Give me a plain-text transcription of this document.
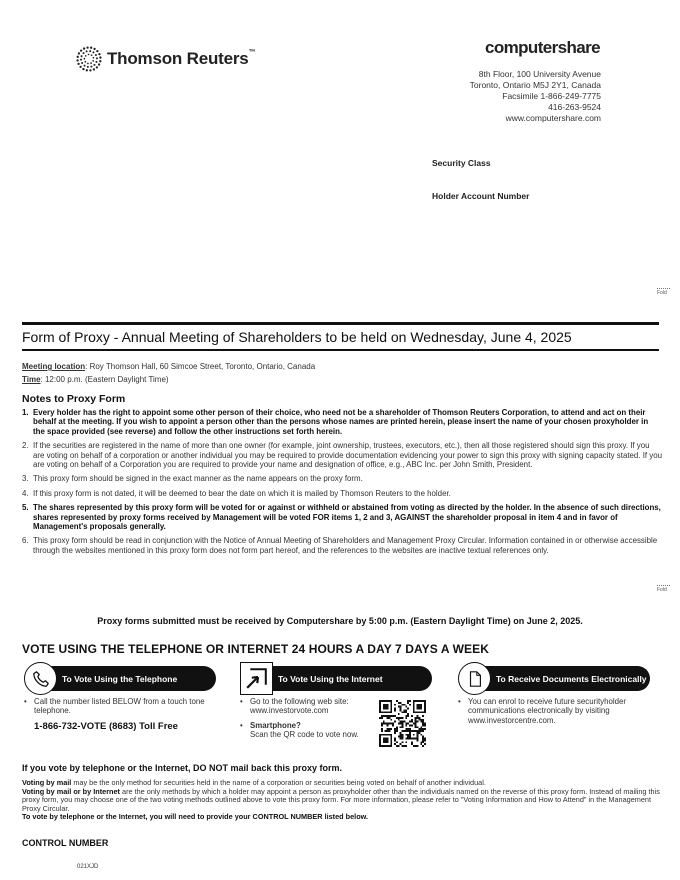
Thomson Reuters™	computershare
8th Floor, 100 University Avenue
Toronto, Ontario M5J 2Y1, Canada
Facsimile 1-866-249-7775
416-263-9524
www.computershare.com
Security Class
Holder Account Number
Fold
Form of Proxy - Annual Meeting of Shareholders to be held on Wednesday, June 4, 2025
Meeting location: Roy Thomson Hall, 60 Simcoe Street, Toronto, Ontario, Canada
Time: 12:00 p.m. (Eastern Daylight Time)
Notes to Proxy Form
1. Every holder has the right to appoint some other person of their choice, who need not be a shareholder of Thomson Reuters Corporation, to attend and act on their behalf at the meeting. If you wish to appoint a person other than the persons whose names are printed herein, please insert the name of your chosen proxyholder in the space provided (see reverse) and follow the other instructions set forth herein.
2. If the securities are registered in the name of more than one owner (for example, joint ownership, trustees, executors, etc.), then all those registered should sign this proxy. If you are voting on behalf of a corporation or another individual you may be required to provide documentation evidencing your power to sign this proxy with signing capacity stated. If you are voting on behalf of a Corporation you are required to provide your name and designation of office, e.g., ABC Inc. per John Smith, President.
3. This proxy form should be signed in the exact manner as the name appears on the proxy form.
4. If this proxy form is not dated, it will be deemed to bear the date on which it is mailed by Thomson Reuters to the holder.
5. The shares represented by this proxy form will be voted for or against or withheld or abstained from voting as directed by the holder. In the absence of such directions, shares represented by proxy forms received by Management will be voted FOR items 1, 2 and 3, AGAINST the shareholder proposal in item 4 and in favor of Management's proposals generally.
6. This proxy form should be read in conjunction with the Notice of Annual Meeting of Shareholders and Management Proxy Circular. Information contained in or otherwise accessible through the websites mentioned in this proxy form does not form part hereof, and the references to the websites are inactive textual references only.
Fold
Proxy forms submitted must be received by Computershare by 5:00 p.m. (Eastern Daylight Time) on June 2, 2025.
VOTE USING THE TELEPHONE OR INTERNET 24 HOURS A DAY 7 DAYS A WEEK
To Vote Using the Telephone
• Call the number listed BELOW from a touch tone telephone.
1-866-732-VOTE (8683) Toll Free
To Vote Using the Internet
• Go to the following web site:
www.investorvote.com
• Smartphone?
Scan the QR code to vote now.
To Receive Documents Electronically
• You can enrol to receive future securityholder communications electronically by visiting www.investorcentre.com.
If you vote by telephone or the Internet, DO NOT mail back this proxy form.
Voting by mail may be the only method for securities held in the name of a corporation or securities being voted on behalf of another individual.
Voting by mail or by Internet are the only methods by which a holder may appoint a person as proxyholder other than the individuals named on the reverse of this proxy form. Instead of mailing this proxy form, you may choose one of the two voting methods outlined above to vote this proxy form. For more information, please refer to "Voting Information and How to Attend" in the Management Proxy Circular.
To vote by telephone or the Internet, you will need to provide your CONTROL NUMBER listed below.
CONTROL NUMBER
021XJD
